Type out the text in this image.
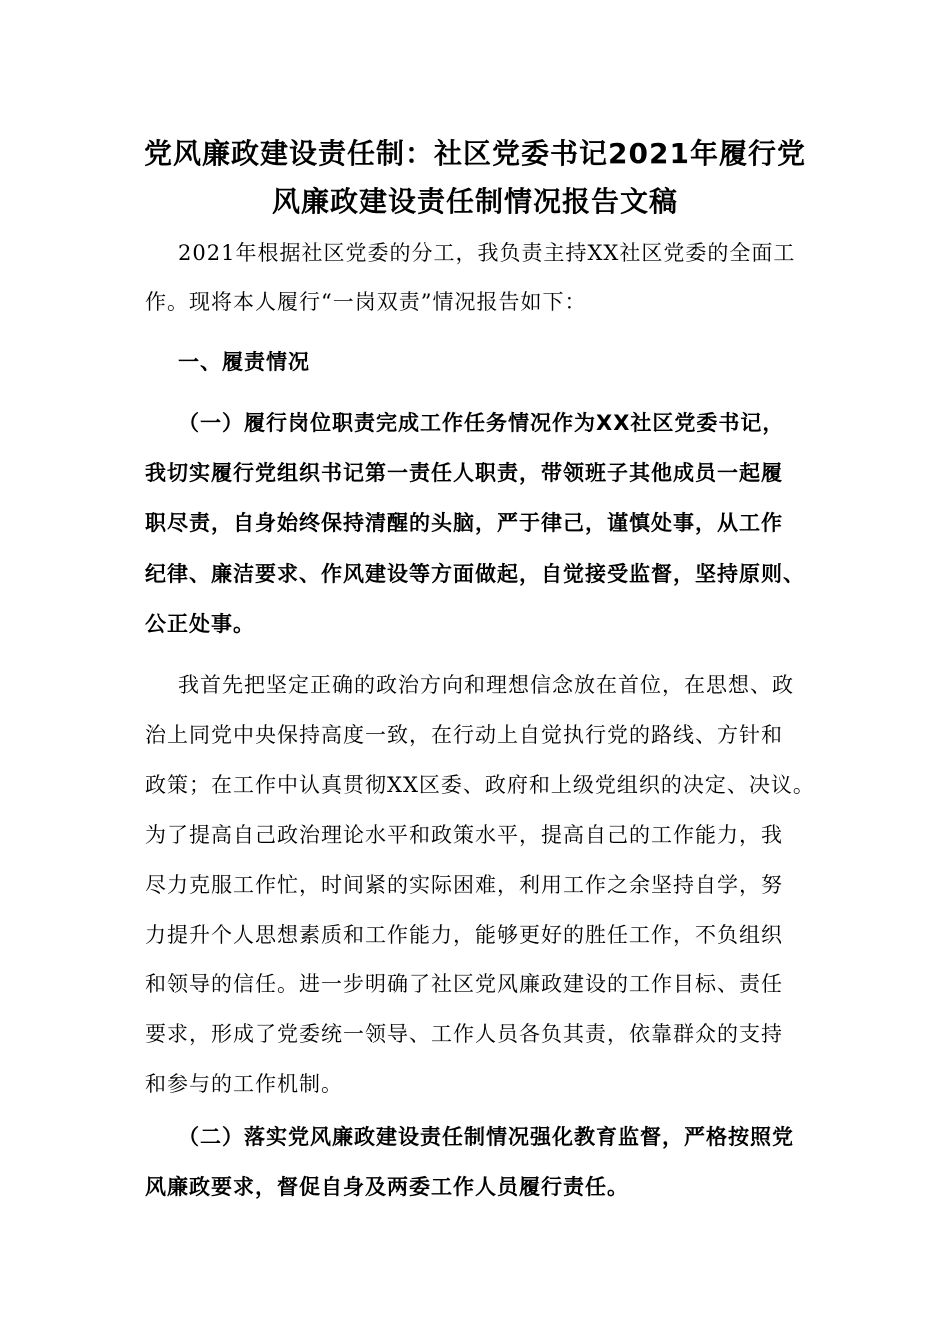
党风廉政建设责任制：社区党委书记2021年履行党
风廉政建设责任制情况报告文稿
2021年根据社区党委的分工，我负责主持XX社区党委的全面工
作。现将本人履行“一岗双责”情况报告如下：
一、履责情况
（一）履行岗位职责完成工作任务情况作为XX社区党委书记，
我切实履行党组织书记第一责任人职责，带领班子其他成员一起履
职尽责，自身始终保持清醒的头脑，严于律己，谨慎处事，从工作
纪律、廉洁要求、作风建设等方面做起，自觉接受监督，坚持原则、
公正处事。
我首先把坚定正确的政治方向和理想信念放在首位，在思想、政
治上同党中央保持高度一致，在行动上自觉执行党的路线、方针和
政策；在工作中认真贯彻XX区委、政府和上级党组织的决定、决议。
为了提高自己政治理论水平和政策水平，提高自己的工作能力，我
尽力克服工作忙，时间紧的实际困难，利用工作之余坚持自学，努
力提升个人思想素质和工作能力，能够更好的胜任工作，不负组织
和领导的信任。进一步明确了社区党风廉政建设的工作目标、责任
要求，形成了党委统一领导、工作人员各负其责，依靠群众的支持
和参与的工作机制。
（二）落实党风廉政建设责任制情况强化教育监督，严格按照党
风廉政要求，督促自身及两委工作人员履行责任。
